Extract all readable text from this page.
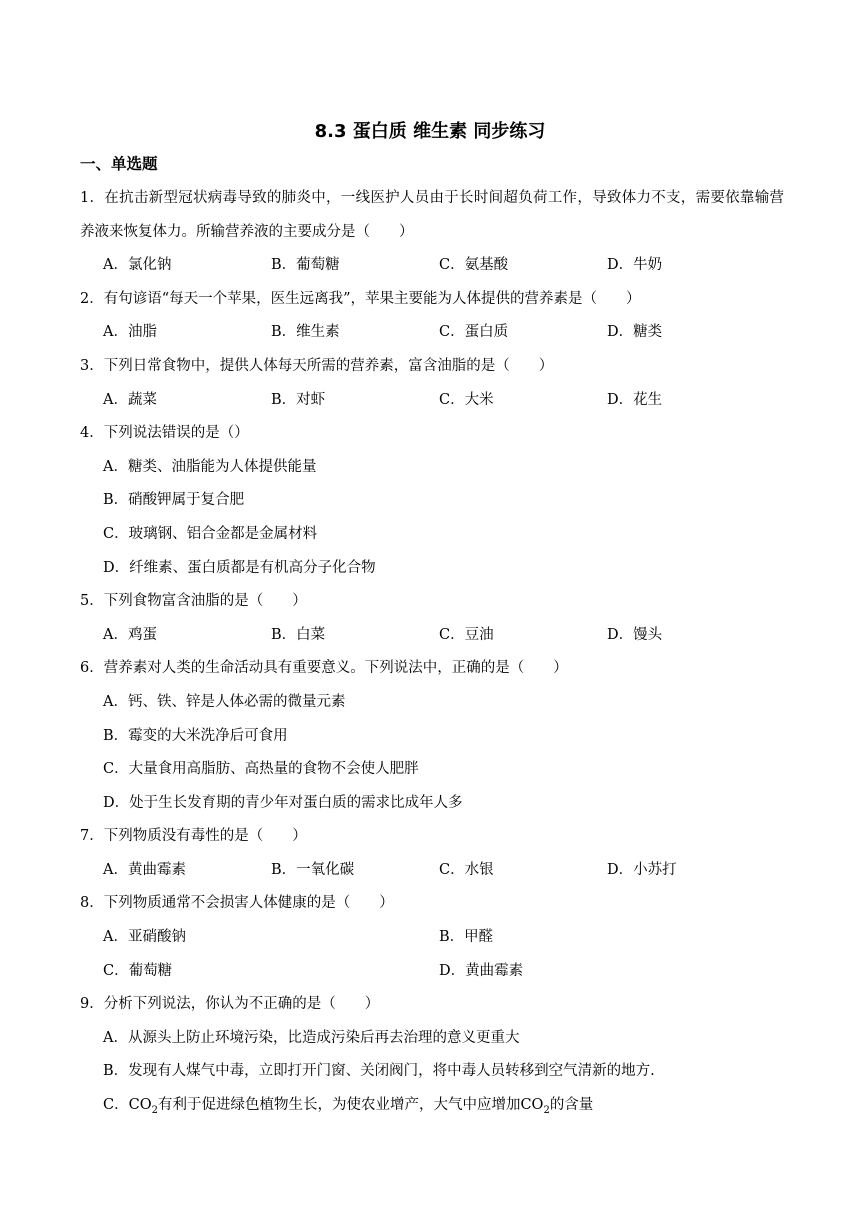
8.3 蛋白质 维生素 同步练习
一、单选题

1．在抗击新型冠状病毒导致的肺炎中，一线医护人员由于长时间超负荷工作，导致体力不支，需要依靠输营养液来恢复体力。所输营养液的主要成分是（　　）

A．氯化钠	B．葡萄糖	C．氨基酸	D．牛奶

2．有句谚语“每天一个苹果，医生远离我”，苹果主要能为人体提供的营养素是（　　）

A．油脂	B．维生素	C．蛋白质	D．糖类

3．下列日常食物中，提供人体每天所需的营养素，富含油脂的是（　　）

A．蔬菜	B．对虾	C．大米	D．花生

4．下列说法错误的是（）

A．糖类、油脂能为人体提供能量

B．硝酸钾属于复合肥

C．玻璃钢、铝合金都是金属材料

D．纤维素、蛋白质都是有机高分子化合物

5．下列食物富含油脂的是（　　）

A．鸡蛋	B．白菜	C．豆油	D．馒头

6．营养素对人类的生命活动具有重要意义。下列说法中，正确的是（　　）

A．钙、铁、锌是人体必需的微量元素

B．霉变的大米洗净后可食用

C．大量食用高脂肪、高热量的食物不会使人肥胖

D．处于生长发育期的青少年对蛋白质的需求比成年人多

7．下列物质没有毒性的是（　　）

A．黄曲霉素	B．一氧化碳	C．水银	D．小苏打

8．下列物质通常不会损害人体健康的是（　　）

A．亚硝酸钠	B．甲醛
C．葡萄糖	D．黄曲霉素

9．分析下列说法，你认为不正确的是（　　）

A．从源头上防止环境污染，比造成污染后再去治理的意义更重大

B．发现有人煤气中毒，立即打开门窗、关闭阀门，将中毒人员转移到空气清新的地方.

C．$CO_2$有利于促进绿色植物生长，为使农业增产，大气中应增加$CO_2$的含量
